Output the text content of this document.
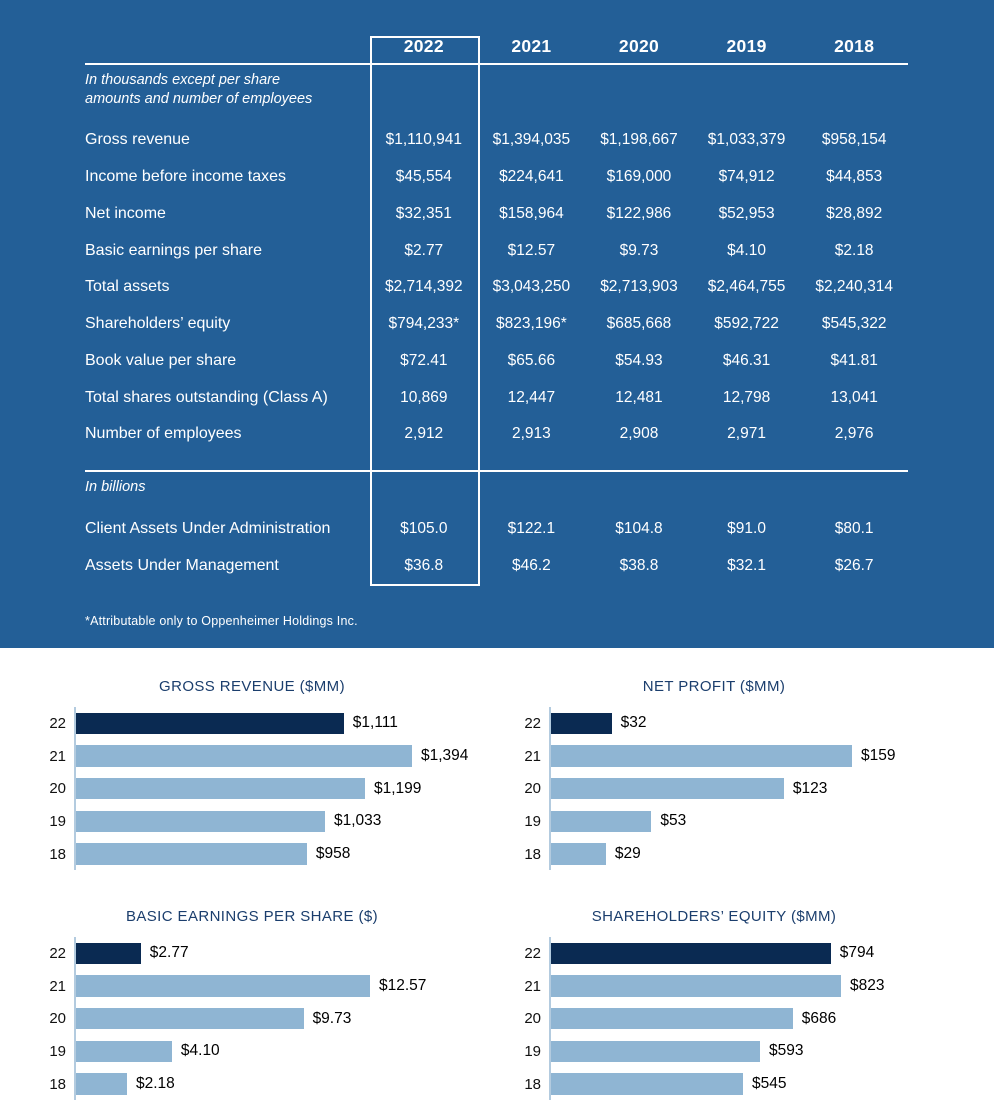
2022	2021	2020	2019	2018
In thousands except per share
amounts and number of employees
Gross revenue	$1,110,941	$1,394,035	$1,198,667	$1,033,379	$958,154
Income before income taxes	$45,554	$224,641	$169,000	$74,912	$44,853
Net income	$32,351	$158,964	$122,986	$52,953	$28,892
Basic earnings per share	$2.77	$12.57	$9.73	$4.10	$2.18
Total assets	$2,714,392	$3,043,250	$2,713,903	$2,464,755	$2,240,314
Shareholders’ equity	$794,233*	$823,196*	$685,668	$592,722	$545,322
Book value per share	$72.41	$65.66	$54.93	$46.31	$41.81
Total shares outstanding (Class A)	10,869	12,447	12,481	12,798	13,041
Number of employees	2,912	2,913	2,908	2,971	2,976
In billions
Client Assets Under Administration	$105.0	$122.1	$104.8	$91.0	$80.1
Assets Under Management	$36.8	$46.2	$38.8	$32.1	$26.7
*Attributable only to Oppenheimer Holdings Inc.
GROSS REVENUE ($MM)
22	$1,111
21	$1,394
20	$1,199
19	$1,033
18	$958
NET PROFIT ($MM)
22	$32
21	$159
20	$123
19	$53
18	$29
BASIC EARNINGS PER SHARE ($)
22	$2.77
21	$12.57
20	$9.73
19	$4.10
18	$2.18
SHAREHOLDERS’ EQUITY ($MM)
22	$794
21	$823
20	$686
19	$593
18	$545
